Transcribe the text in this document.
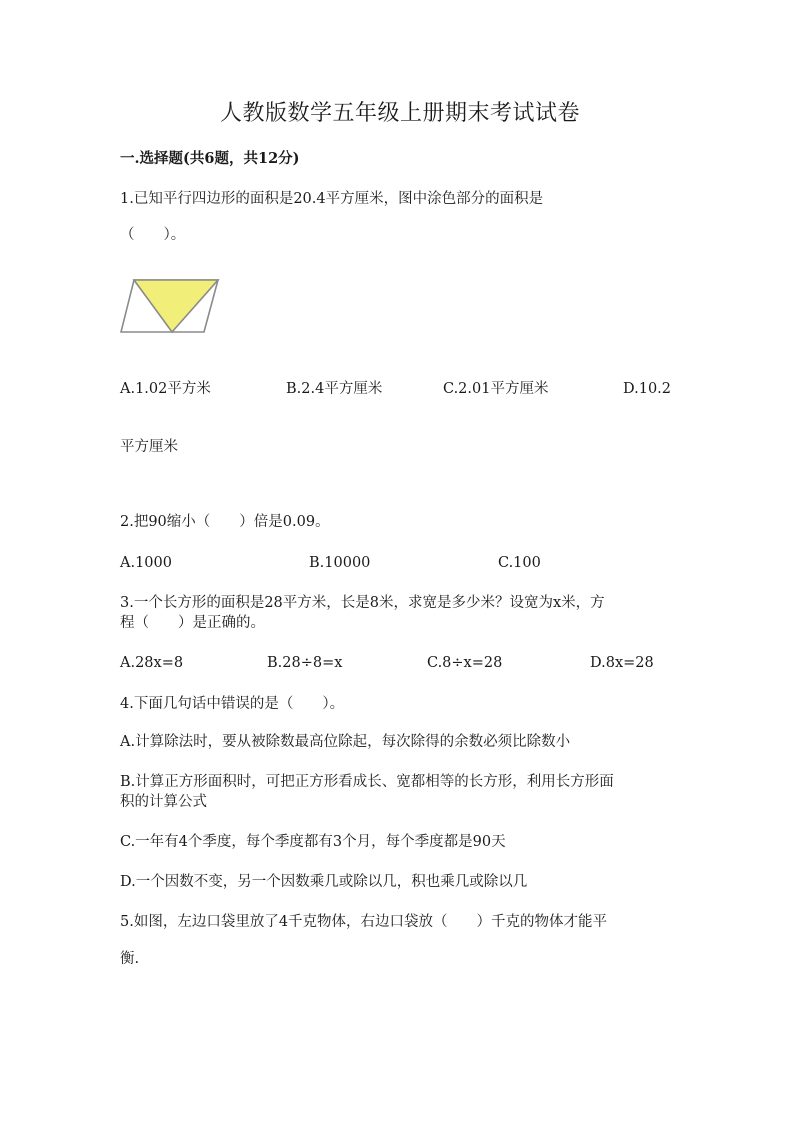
人教版数学五年级上册期末考试试卷
一.选择题(共6题，共12分)
1.已知平行四边形的面积是20.4平方厘米，图中涂色部分的面积是
（　　）。
A.1.02平方米	B.2.4平方厘米	C.2.01平方厘米	D.10.2
平方厘米
2.把90缩小（　　）倍是0.09。
A.1000	B.10000	C.100
3.一个长方形的面积是28平方米，长是8米，求宽是多少米？设宽为x米，方
程（　　）是正确的。
A.28x=8	B.28÷8=x	C.8÷x=28	D.8x=28
4.下面几句话中错误的是（　　）。
A.计算除法时，要从被除数最高位除起，每次除得的余数必须比除数小
B.计算正方形面积时，可把正方形看成长、宽都相等的长方形，利用长方形面
积的计算公式
C.一年有4个季度，每个季度都有3个月，每个季度都是90天
D.一个因数不变，另一个因数乘几或除以几，积也乘几或除以几
5.如图，左边口袋里放了4千克物体，右边口袋放（　　）千克的物体才能平
衡.
